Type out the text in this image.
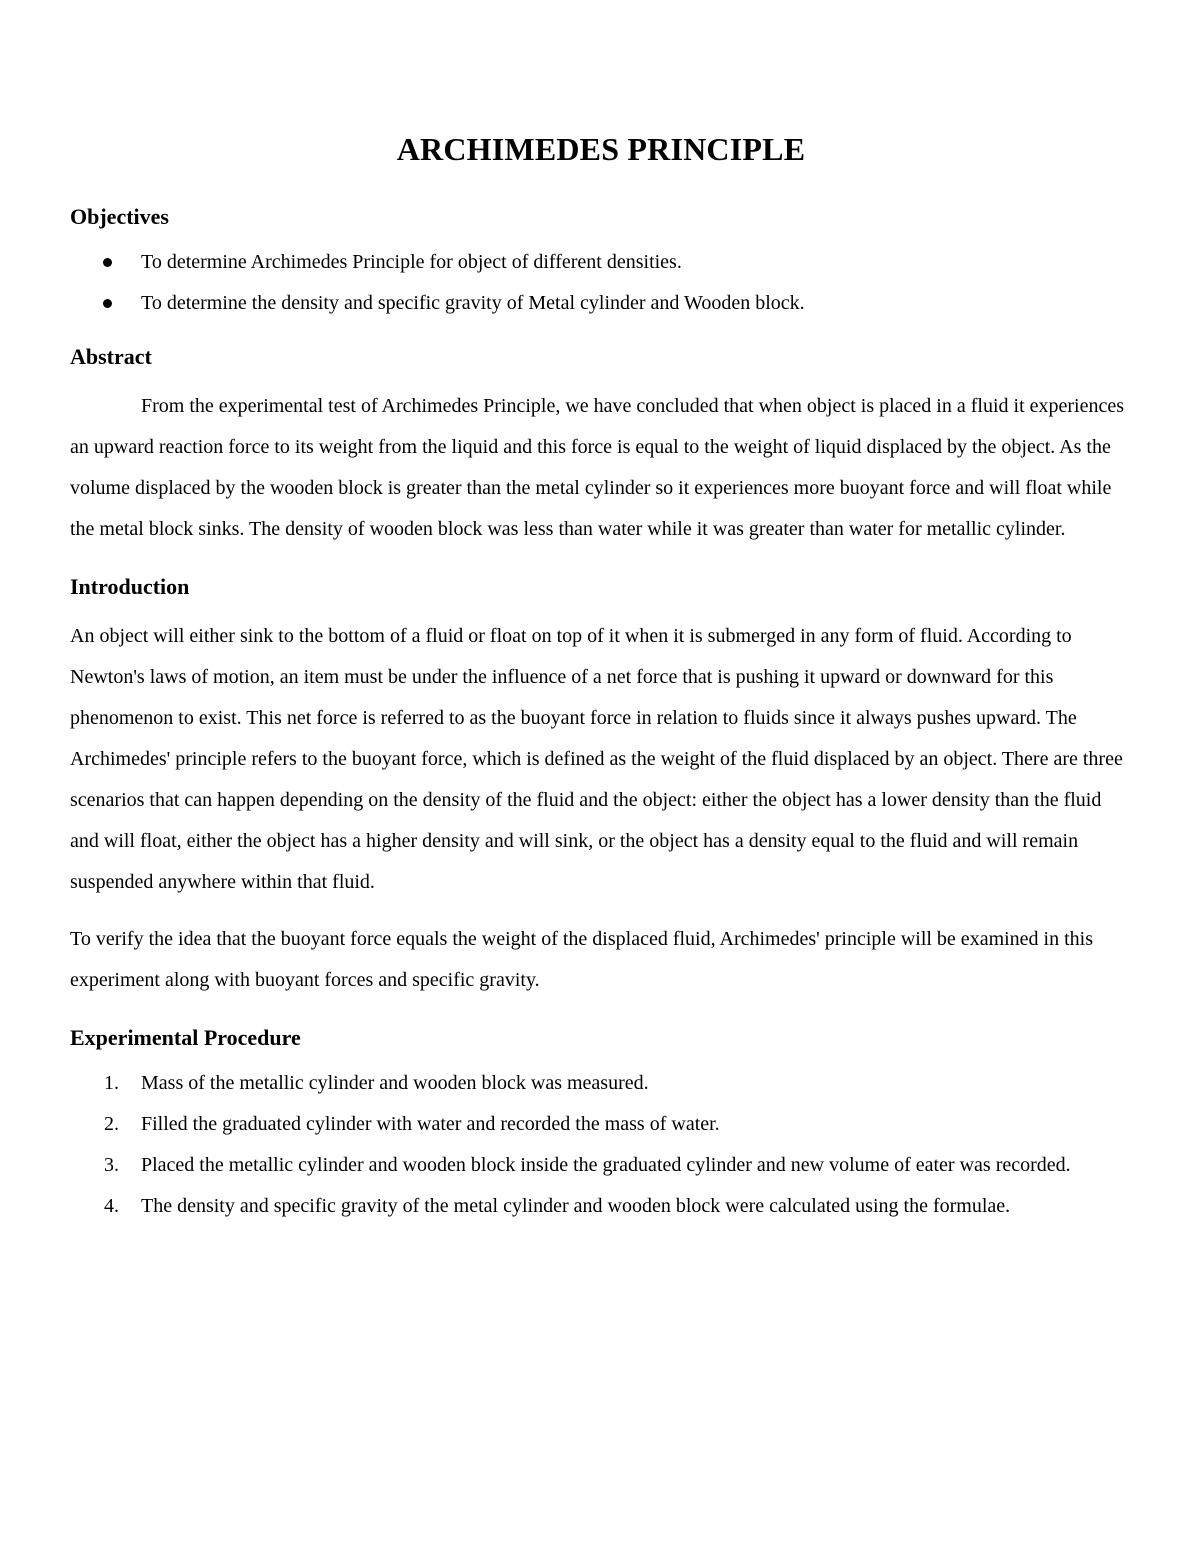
ARCHIMEDES PRINCIPLE
Objectives
To determine Archimedes Principle for object of different densities.
To determine the density and specific gravity of Metal cylinder and Wooden block.
Abstract

From the experimental test of Archimedes Principle, we have concluded that when object is placed in a fluid it experiences an upward reaction force to its weight from the liquid and this force is equal to the weight of liquid displaced by the object. As the volume displaced by the wooden block is greater than the metal cylinder so it experiences more buoyant force and will float while the metal block sinks. The density of wooden block was less than water while it was greater than water for metallic cylinder.

Introduction

An object will either sink to the bottom of a fluid or float on top of it when it is submerged in any form of fluid. According to Newton's laws of motion, an item must be under the influence of a net force that is pushing it upward or downward for this phenomenon to exist. This net force is referred to as the buoyant force in relation to fluids since it always pushes upward. The Archimedes' principle refers to the buoyant force, which is defined as the weight of the fluid displaced by an object. There are three scenarios that can happen depending on the density of the fluid and the object: either the object has a lower density than the fluid and will float, either the object has a higher density and will sink, or the object has a density equal to the fluid and will remain suspended anywhere within that fluid.

To verify the idea that the buoyant force equals the weight of the displaced fluid, Archimedes' principle will be examined in this experiment along with buoyant forces and specific gravity.

Experimental Procedure
1. Mass of the metallic cylinder and wooden block was measured.
2. Filled the graduated cylinder with water and recorded the mass of water.
3. Placed the metallic cylinder and wooden block inside the graduated cylinder and new volume of eater was recorded.
4. The density and specific gravity of the metal cylinder and wooden block were calculated using the formulae.
